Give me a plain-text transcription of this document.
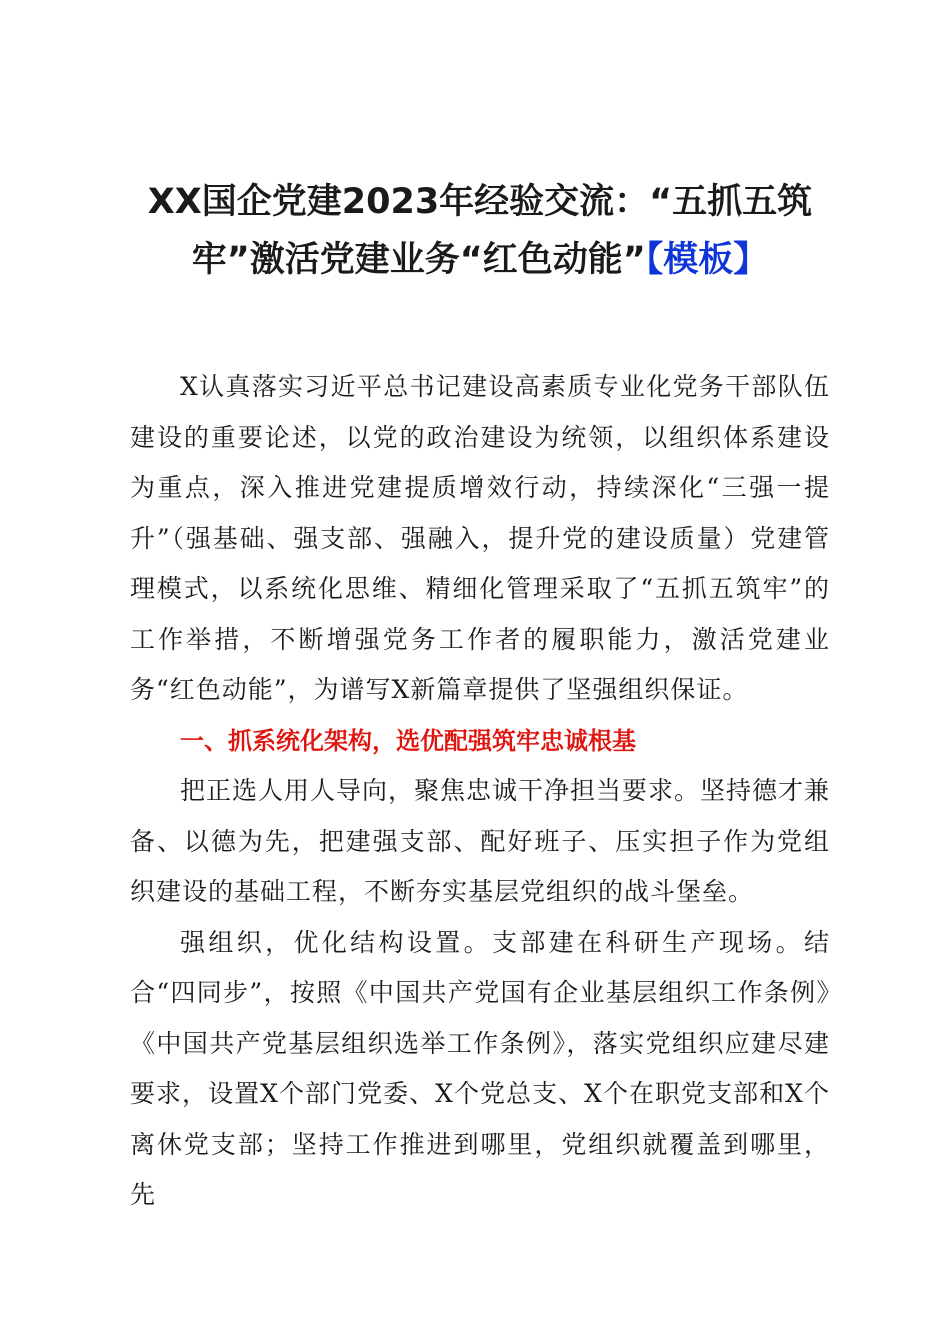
XX国企党建2023年经验交流：“五抓五筑牢”激活党建业务“红色动能”【模板】

X认真落实习近平总书记建设高素质专业化党务干部队伍建设的重要论述，以党的政治建设为统领，以组织体系建设为重点，深入推进党建提质增效行动，持续深化“三强一提升”（强基础、强支部、强融入，提升党的建设质量）党建管理模式，以系统化思维、精细化管理采取了“五抓五筑牢”的工作举措，不断增强党务工作者的履职能力，激活党建业务“红色动能”，为谱写X新篇章提供了坚强组织保证。

一、抓系统化架构，选优配强筑牢忠诚根基

把正选人用人导向，聚焦忠诚干净担当要求。坚持德才兼备、以德为先，把建强支部、配好班子、压实担子作为党组织建设的基础工程，不断夯实基层党组织的战斗堡垒。

强组织，优化结构设置。支部建在科研生产现场。结合“四同步”，按照《中国共产党国有企业基层组织工作条例》《中国共产党基层组织选举工作条例》，落实党组织应建尽建要求，设置X个部门党委、X个党总支、X个在职党支部和X个离休党支部；坚持工作推进到哪里，党组织就覆盖到哪里，先
